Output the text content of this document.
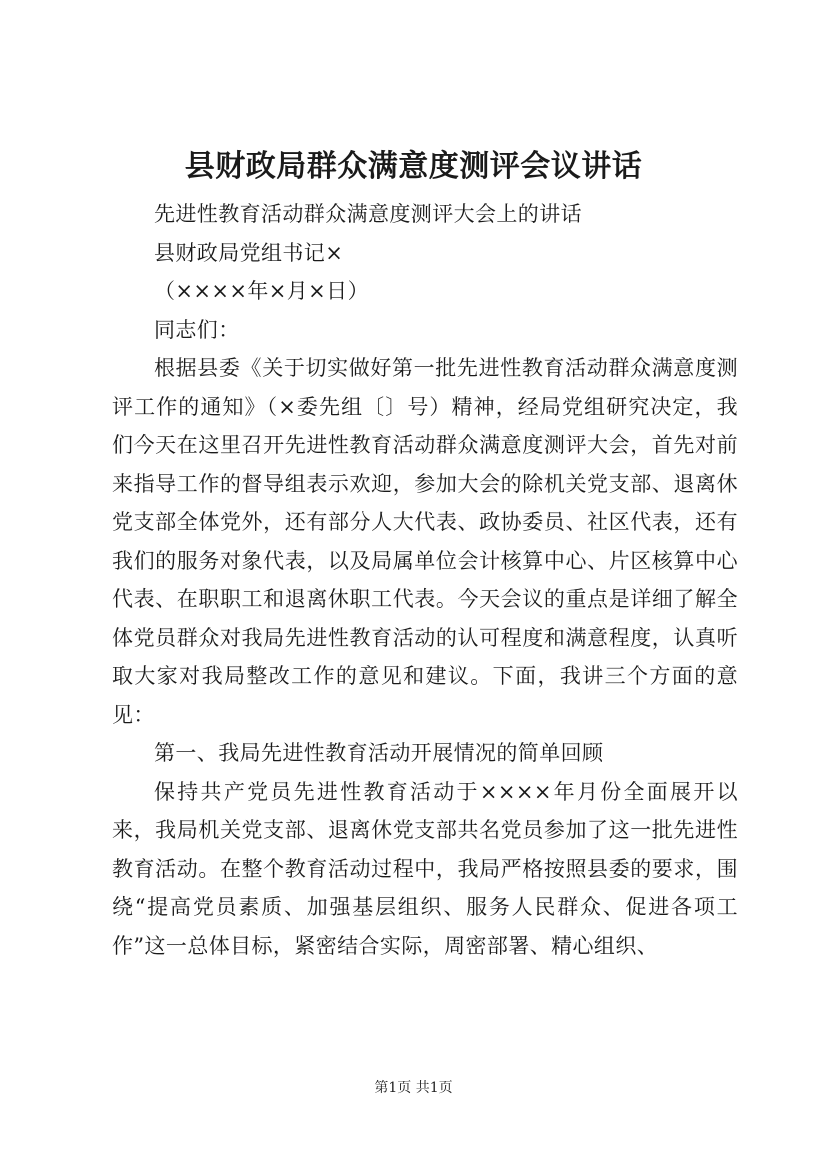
县财政局群众满意度测评会议讲话

先进性教育活动群众满意度测评大会上的讲话

县财政局党组书记×

（××××年×月×日）

同志们：

根据县委《关于切实做好第一批先进性教育活动群众满意度测评工作的通知》（×委先组〔〕号）精神，经局党组研究决定，我们今天在这里召开先进性教育活动群众满意度测评大会，首先对前来指导工作的督导组表示欢迎，参加大会的除机关党支部、退离休党支部全体党外，还有部分人大代表、政协委员、社区代表，还有我们的服务对象代表，以及局属单位会计核算中心、片区核算中心代表、在职职工和退离休职工代表。今天会议的重点是详细了解全体党员群众对我局先进性教育活动的认可程度和满意程度，认真听取大家对我局整改工作的意见和建议。下面，我讲三个方面的意见：

第一、我局先进性教育活动开展情况的简单回顾

保持共产党员先进性教育活动于××××年月份全面展开以来，我局机关党支部、退离休党支部共名党员参加了这一批先进性教育活动。在整个教育活动过程中，我局严格按照县委的要求，围绕“提高党员素质、加强基层组织、服务人民群众、促进各项工作”这一总体目标，紧密结合实际，周密部署、精心组织、

第1页 共1页
